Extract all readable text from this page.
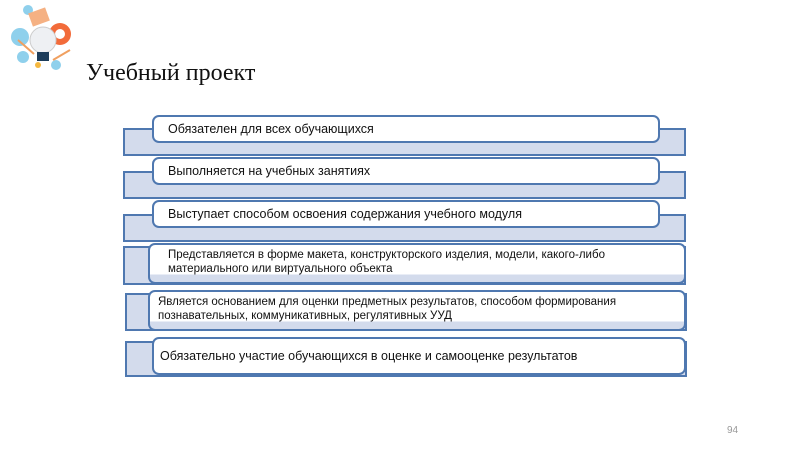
Учебный проект
Обязателен для всех обучающихся
Выполняется на учебных занятиях
Выступает способом освоения содержания учебного модуля
Представляется в форме макета, конструкторского изделия, модели, какого-либо материального или виртуального объекта
Является основанием для оценки предметных результатов, способом формирования познавательных, коммуникативных, регулятивных УУД
Обязательно участие обучающихся в оценке и самооценке результатов
94
